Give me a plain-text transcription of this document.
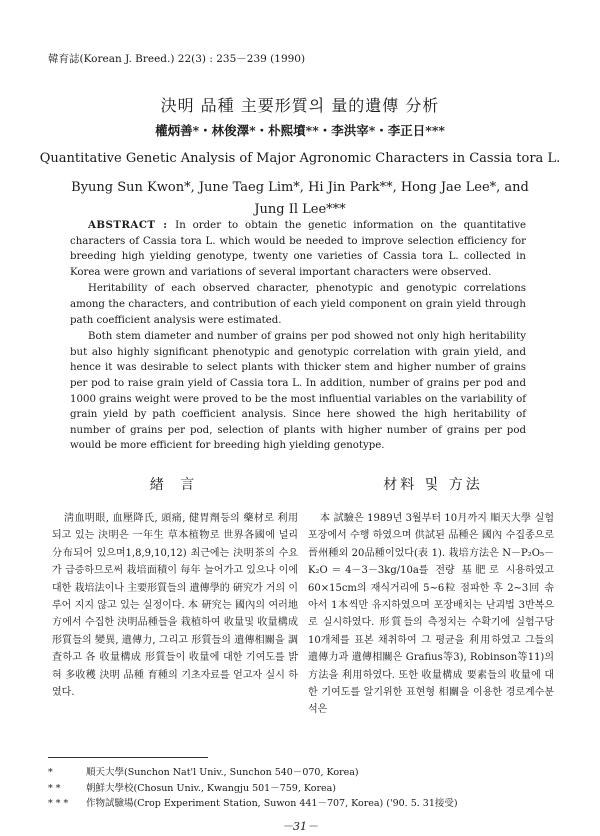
韓育誌(Korean J. Breed.) 22(3) : 235－239 (1990)
決明 品種 主要形質의 量的遺傳 分析
權炳善*・林俊澤*・朴熙墳**・李洪宰*・李正日***
Quantitative Genetic Analysis of Major Agronomic Characters in Cassia tora L.
Byung Sun Kwon*, June Taeg Lim*, Hi Jin Park**, Hong Jae Lee*, and
Jung Il Lee***

ABSTRACT : In order to obtain the genetic information on the quantitative characters of Cassia tora L. which would be needed to improve selection efficiency for breeding high yielding genotype, twenty one varieties of Cassia tora L. collected in Korea were grown and variations of several important characters were observed.

Heritability of each observed character, phenotypic and genotypic correlations among the characters, and contribution of each yield component on grain yield through path coefficient analysis were estimated.

Both stem diameter and number of grains per pod showed not only high heritability but also highly significant phenotypic and genotypic correlation with grain yield, and hence it was desirable to select plants with thicker stem and higher number of grains per pod to raise grain yield of Cassia tora L. In addition, number of grains per pod and 1000 grains weight were proved to be the most influential variables on the variability of grain yield by path coefficient analysis. Since here showed the high heritability of number of grains per pod, selection of plants with higher number of grains per pod would be more efficient for breeding high yielding genotype.

緖 言	材料 및 方法
淸血明眼, 血壓降氏, 頭痛, 健胃劑등의 藥材로 利用되고 있는 決明은 一年生 草本植物로 世界各國에 널리 分布되어 있으며1,8,9,10,12) 최근에는 決明茶의 수요가 급증하므로써 栽培面積이 每年 늘어가고 있으나 이에 대한 栽培法이나 主要形質들의 遺傳學的 硏究가 거의 이루어 지지 않고 있는 실정이다. 本 硏究는 國內의 여러地方에서 수집한 決明品種들을 栽植하여 收量및 收量構成 形質들의 變異, 遺傳力, 그리고 形質들의 遺傳相關을 調査하고 各 收量構成 形質들이 收量에 대한 기여도를 밝혀 多收穫 決明 品種 育種의 기초자료를 얻고자 실시 하였다.
本 試驗은 1989년 3월부터 10月까지 順天大學 실험포장에서 수행 하였으며 供試된 品種은 國內 수집종으로 晉州種외 20品種이었다(表 1). 栽培方法은 N－P₂O₅－K₂O＝4－3－3kg/10a를 전량 基肥로 시용하였고 60×15cm의 재식거리에 5∼6粒 점파한 후 2∼3回 솎아서 1本씩만 유지하였으며 포장배치는 난괴법 3반복으로 실시하였다. 形質들의 측정치는 수확기에 실험구당 10개체를 표본 채취하여 그 평균을 利用하였고 그들의 遺傳力과 遺傳相關은 Grafius等3), Robinson等11)의 方法을 利用하였다. 또한 收量構成 要素들의 收量에 대한 기여도를 알기위한 표현형 相關을 이용한 경로계수분석은
*	順天大學(Sunchon Nat'l Univ., Sunchon 540－070, Korea)
* *	朝鮮大學校(Chosun Univ., Kwangju 501－759, Korea)
* * * 作物試驗場(Crop Experiment Station, Suwon 441－707, Korea) ('90. 5. 31接受)
－31－
